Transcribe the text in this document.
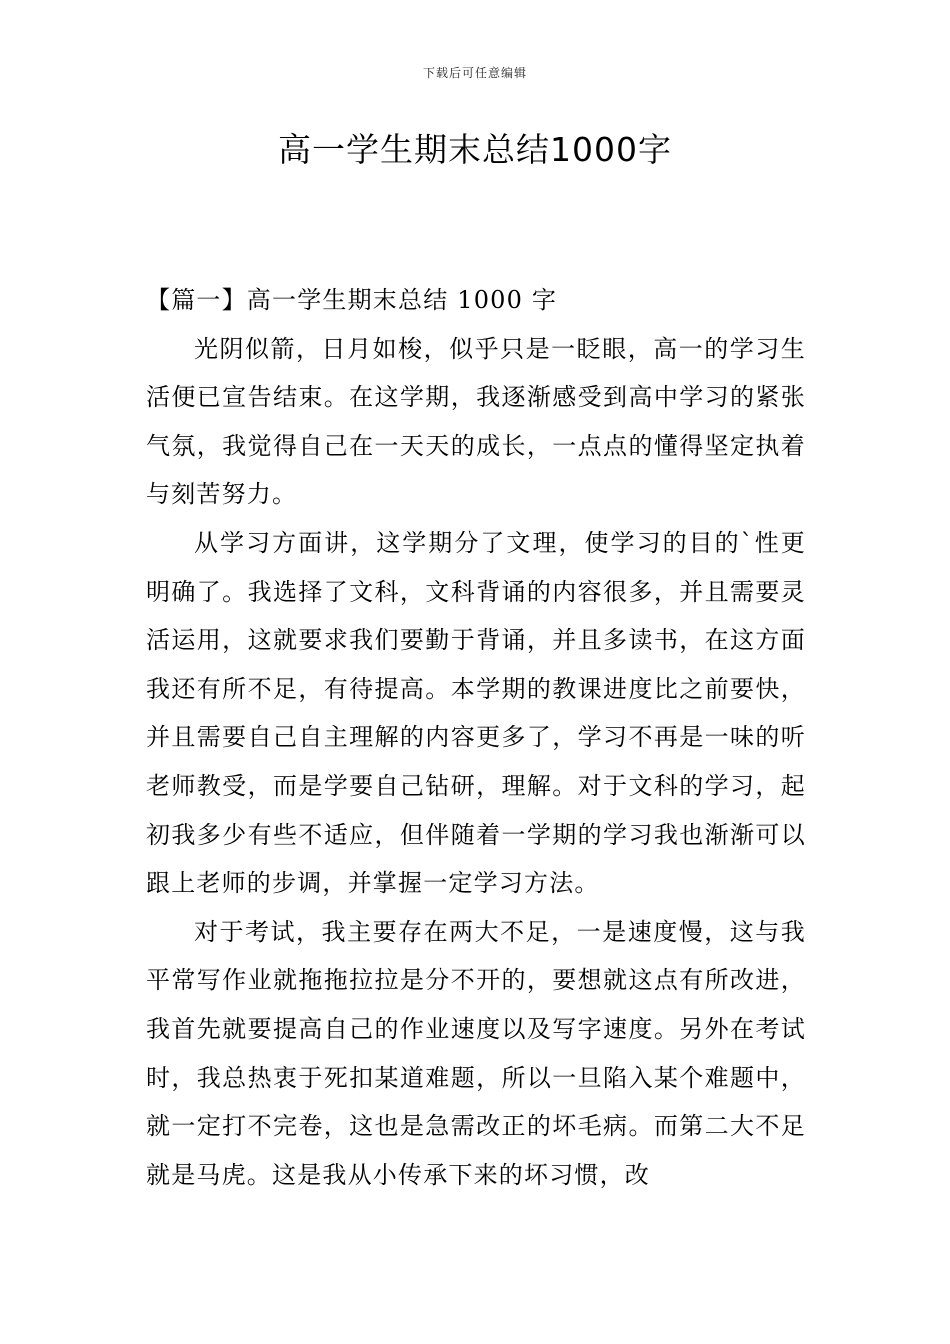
下载后可任意编辑
高一学生期末总结1000字
【篇一】高一学生期末总结 1000 字

光阴似箭，日月如梭，似乎只是一眨眼，高一的学习生活便已宣告结束。在这学期，我逐渐感受到高中学习的紧张气氛，我觉得自己在一天天的成长，一点点的懂得坚定执着与刻苦努力。

从学习方面讲，这学期分了文理，使学习的目的`性更明确了。我选择了文科，文科背诵的内容很多，并且需要灵活运用，这就要求我们要勤于背诵，并且多读书，在这方面我还有所不足，有待提高。本学期的教课进度比之前要快，并且需要自己自主理解的内容更多了，学习不再是一味的听老师教受，而是学要自己钻研，理解。对于文科的学习，起初我多少有些不适应，但伴随着一学期的学习我也渐渐可以跟上老师的步调，并掌握一定学习方法。

对于考试，我主要存在两大不足，一是速度慢，这与我平常写作业就拖拖拉拉是分不开的，要想就这点有所改进，我首先就要提高自己的作业速度以及写字速度。另外在考试时，我总热衷于死扣某道难题，所以一旦陷入某个难题中，就一定打不完卷，这也是急需改正的坏毛病。而第二大不足就是马虎。这是我从小传承下来的坏习惯，改
